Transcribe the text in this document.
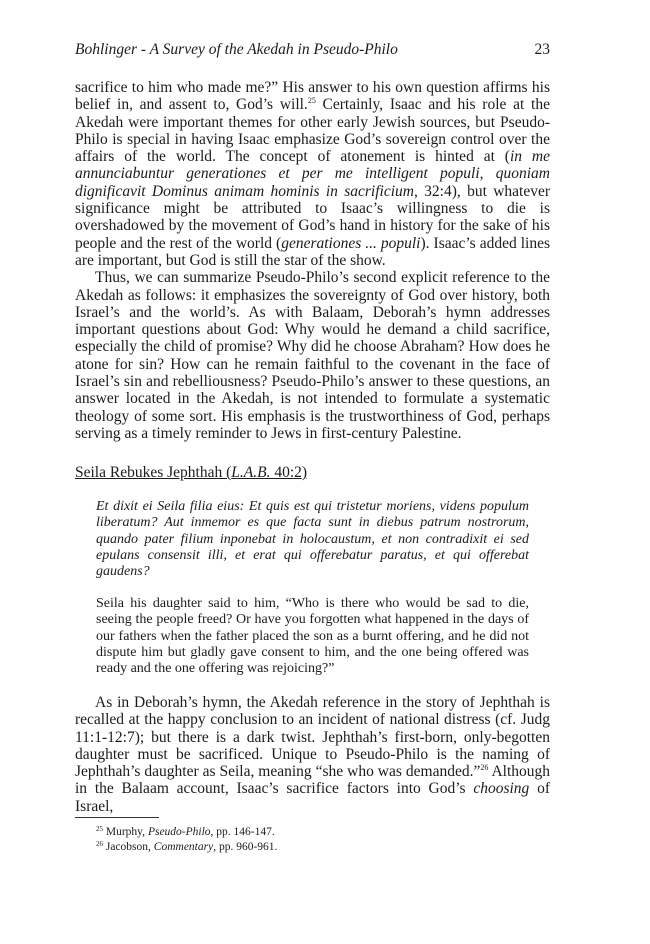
Bohlinger - A Survey of the Akedah in Pseudo-Philo	23

sacrifice to him who made me?” His answer to his own question affirms his belief in, and assent to, God’s will.$^{25}$ Certainly, Isaac and his role at the Akedah were important themes for other early Jewish sources, but Pseudo-Philo is special in having Isaac emphasize God’s sovereign control over the affairs of the world. The concept of atonement is hinted at (in me annunciabuntur generationes et per me intelligent populi, quoniam dignificavit Dominus animam hominis in sacrificium, 32:4), but whatever significance might be attributed to Isaac’s willingness to die is overshadowed by the movement of God’s hand in history for the sake of his people and the rest of the world (generationes ... populi). Isaac’s added lines are important, but God is still the star of the show.

Thus, we can summarize Pseudo-Philo’s second explicit reference to the Akedah as follows: it emphasizes the sovereignty of God over history, both Israel’s and the world’s. As with Balaam, Deborah’s hymn addresses important questions about God: Why would he demand a child sacrifice, especially the child of promise? Why did he choose Abraham? How does he atone for sin? How can he remain faithful to the covenant in the face of Israel’s sin and rebelliousness? Pseudo-Philo’s answer to these questions, an answer located in the Akedah, is not intended to formulate a systematic theology of some sort. His emphasis is the trustworthiness of God, perhaps serving as a timely reminder to Jews in first-century Palestine.

Seila Rebukes Jephthah (L.A.B. 40:2)
Et dixit ei Seila filia eius: Et quis est qui tristetur moriens, videns populum liberatum? Aut inmemor es que facta sunt in diebus patrum nostrorum, quando pater filium inponebat in holocaustum, et non contradixit ei sed epulans consensit illi, et erat qui offerebatur paratus, et qui offerebat gaudens?
Seila his daughter said to him, “Who is there who would be sad to die, seeing the people freed? Or have you forgotten what happened in the days of our fathers when the father placed the son as a burnt offering, and he did not dispute him but gladly gave consent to him, and the one being offered was ready and the one offering was rejoicing?”

As in Deborah’s hymn, the Akedah reference in the story of Jephthah is recalled at the happy conclusion to an incident of national distress (cf. Judg 11:1-12:7); but there is a dark twist. Jephthah’s first-born, only-begotten daughter must be sacrificed. Unique to Pseudo-Philo is the naming of Jephthah’s daughter as Seila, meaning “she who was demanded.”$^{26}$ Although in the Balaam account, Isaac’s sacrifice factors into God’s choosing of Israel,

$^{25}$ Murphy, Pseudo-Philo, pp. 146-147.
$^{26}$ Jacobson, Commentary, pp. 960-961.
